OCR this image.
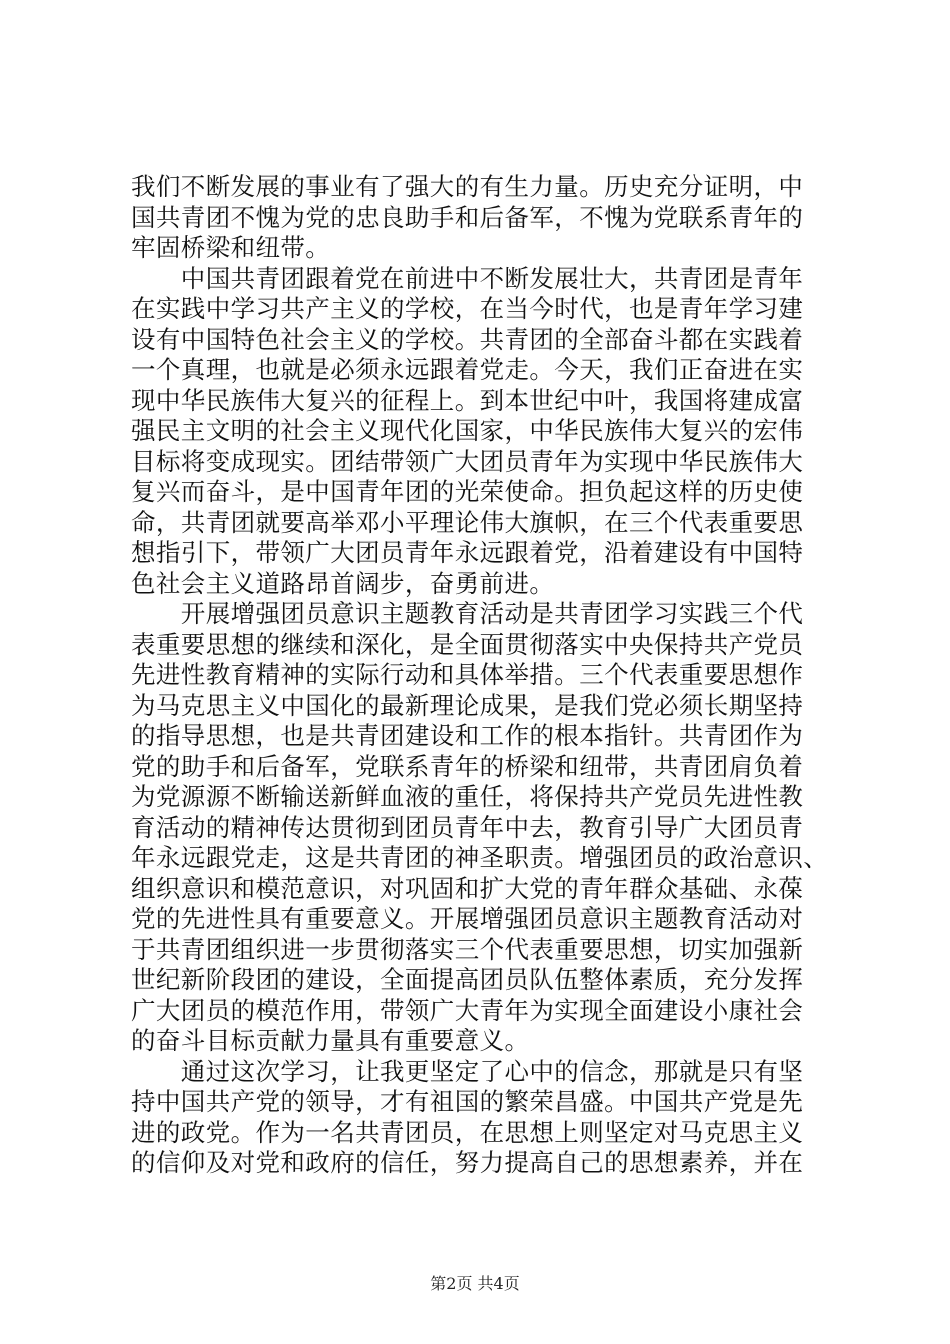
我们不断发展的事业有了强大的有生力量。历史充分证明，中
国共青团不愧为党的忠良助手和后备军，不愧为党联系青年的
牢固桥梁和纽带。
　　中国共青团跟着党在前进中不断发展壮大，共青团是青年
在实践中学习共产主义的学校，在当今时代，也是青年学习建
设有中国特色社会主义的学校。共青团的全部奋斗都在实践着
一个真理，也就是必须永远跟着党走。今天，我们正奋进在实
现中华民族伟大复兴的征程上。到本世纪中叶，我国将建成富
强民主文明的社会主义现代化国家，中华民族伟大复兴的宏伟
目标将变成现实。团结带领广大团员青年为实现中华民族伟大
复兴而奋斗，是中国青年团的光荣使命。担负起这样的历史使
命，共青团就要高举邓小平理论伟大旗帜，在三个代表重要思
想指引下，带领广大团员青年永远跟着党，沿着建设有中国特
色社会主义道路昂首阔步，奋勇前进。
　　开展增强团员意识主题教育活动是共青团学习实践三个代
表重要思想的继续和深化，是全面贯彻落实中央保持共产党员
先进性教育精神的实际行动和具体举措。三个代表重要思想作
为马克思主义中国化的最新理论成果，是我们党必须长期坚持
的指导思想，也是共青团建设和工作的根本指针。共青团作为
党的助手和后备军，党联系青年的桥梁和纽带，共青团肩负着
为党源源不断输送新鲜血液的重任，将保持共产党员先进性教
育活动的精神传达贯彻到团员青年中去，教育引导广大团员青
年永远跟党走，这是共青团的神圣职责。增强团员的政治意识、
组织意识和模范意识，对巩固和扩大党的青年群众基础、永葆
党的先进性具有重要意义。开展增强团员意识主题教育活动对
于共青团组织进一步贯彻落实三个代表重要思想，切实加强新
世纪新阶段团的建设，全面提高团员队伍整体素质，充分发挥
广大团员的模范作用，带领广大青年为实现全面建设小康社会
的奋斗目标贡献力量具有重要意义。
　　通过这次学习，让我更坚定了心中的信念，那就是只有坚
持中国共产党的领导，才有祖国的繁荣昌盛。中国共产党是先
进的政党。作为一名共青团员，在思想上则坚定对马克思主义
的信仰及对党和政府的信任，努力提高自己的思想素养，并在
第2页 共4页
